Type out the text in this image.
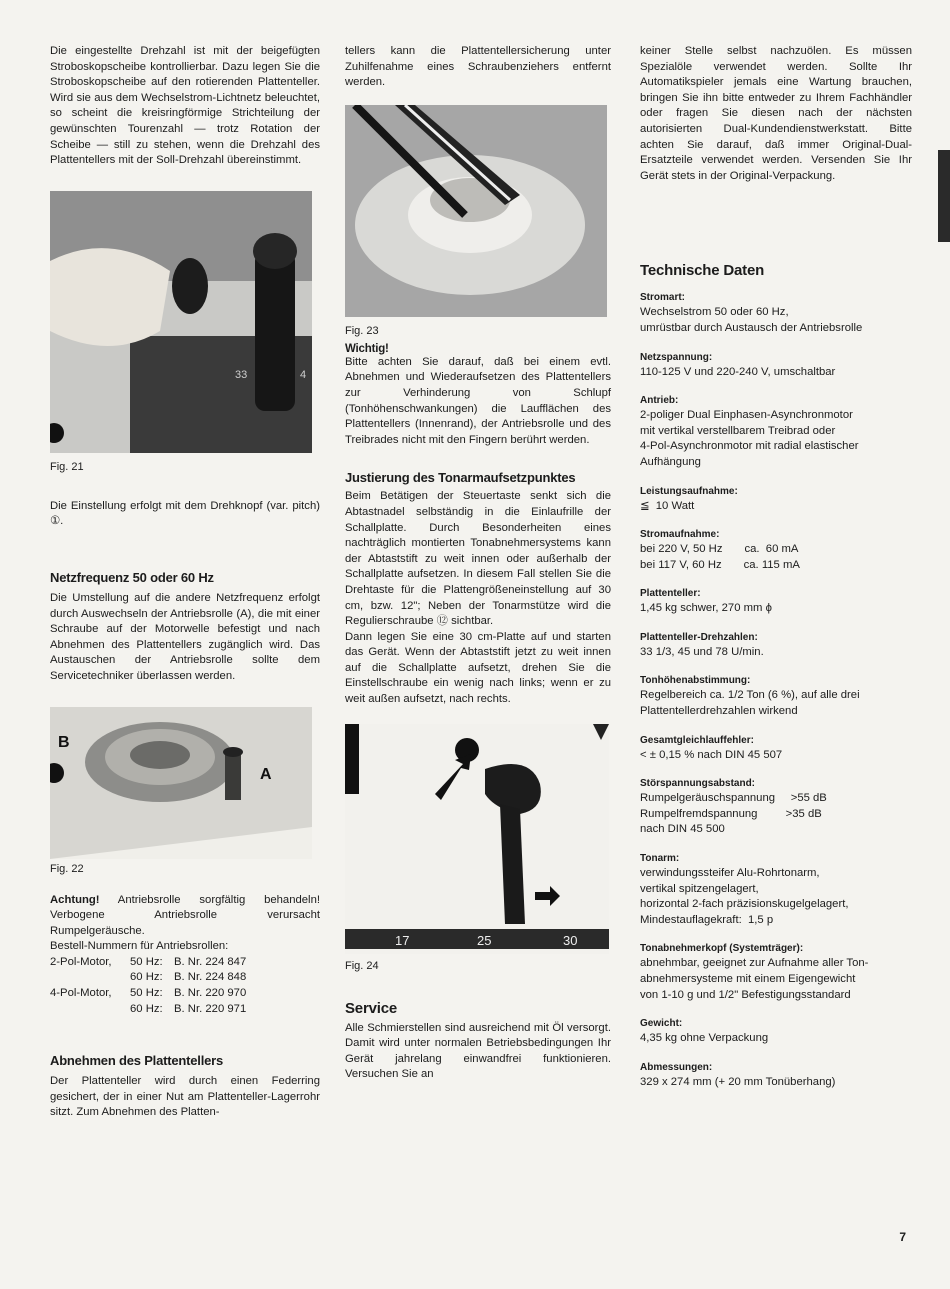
Die eingestellte Drehzahl ist mit der beigefügten Stroboskopscheibe kontrollierbar. Dazu legen Sie die Stroboskopscheibe auf den rotierenden Plattenteller. Wird sie aus dem Wechselstrom-Lichtnetz beleuchtet, so scheint die kreisringförmige Strichteilung der gewünschten Tourenzahl — trotz Rotation der Scheibe — still zu stehen, wenn die Drehzahl des Plattentellers mit der Soll-Drehzahl übereinstimmt.

33	4
Fig. 21

Die Einstellung erfolgt mit dem Drehknopf (var. pitch) ①.

Netzfrequenz 50 oder 60 Hz

Die Umstellung auf die andere Netzfrequenz erfolgt durch Auswechseln der Antriebsrolle (A), die mit einer Schraube auf der Motorwelle befestigt und nach Abnehmen des Plattentellers zugänglich wird. Das Austauschen der Antriebsrolle sollte dem Servicetechniker überlassen werden.

B
A
Fig. 22

Achtung! Antriebsrolle sorgfältig behandeln! Verbogene Antriebsrolle verursacht Rumpelgeräusche.

Bestell-Nummern für Antriebsrollen:

2-Pol-Motor,	50 Hz:	B. Nr. 224 847
60 Hz:	B. Nr. 224 848
4-Pol-Motor,	50 Hz:	B. Nr. 220 970
60 Hz:	B. Nr. 220 971
Abnehmen des Plattentellers

Der Plattenteller wird durch einen Federring gesichert, der in einer Nut am Plattenteller-Lagerrohr sitzt. Zum Abnehmen des Platten-

tellers kann die Plattentellersicherung unter Zuhilfenahme eines Schraubenziehers entfernt werden.

Fig. 23
Wichtig!

Bitte achten Sie darauf, daß bei einem evtl. Abnehmen und Wiederaufsetzen des Plattentellers zur Verhinderung von Schlupf (Tonhöhenschwankungen) die Laufflächen des Plattentellers (Innenrand), der Antriebsrolle und des Treibrades nicht mit den Fingern berührt werden.

Justierung des Tonarmaufsetzpunktes

Beim Betätigen der Steuertaste senkt sich die Abtastnadel selbständig in die Einlaufrille der Schallplatte. Durch Besonderheiten eines nachträglich montierten Tonabnehmersystems kann der Abtaststift zu weit innen oder außerhalb der Schallplatte aufsetzen. In diesem Fall stellen Sie die Drehtaste für die Plattengrößeneinstellung auf 30 cm, bzw. 12"; Neben der Tonarmstütze wird die Regulierschraube ⑫ sichtbar.

Dann legen Sie eine 30 cm-Platte auf und starten das Gerät. Wenn der Abtaststift jetzt zu weit innen auf die Schallplatte aufsetzt, drehen Sie die Einstellschraube ein wenig nach links; wenn er zu weit außen aufsetzt, nach rechts.

17	25	30
Fig. 24
Service

Alle Schmierstellen sind ausreichend mit Öl versorgt. Damit wird unter normalen Betriebsbedingungen Ihr Gerät jahrelang einwandfrei funktionieren. Versuchen Sie an

keiner Stelle selbst nachzuölen. Es müssen Spezialöle verwendet werden. Sollte Ihr Automatikspieler jemals eine Wartung brauchen, bringen Sie ihn bitte entweder zu Ihrem Fachhändler oder fragen Sie diesen nach der nächsten autorisierten Dual-Kundendienstwerkstatt. Bitte achten Sie darauf, daß immer Original-Dual-Ersatzteile verwendet werden. Versenden Sie Ihr Gerät stets in der Original-Verpackung.

Technische Daten
Stromart:
Wechselstrom 50 oder 60 Hz,
umrüstbar durch Austausch der Antriebsrolle
Netzspannung:
110-125 V und 220-240 V, umschaltbar
Antrieb:
2-poliger Dual Einphasen-Asynchronmotor
mit vertikal verstellbarem Treibrad oder
4-Pol-Asynchronmotor mit radial elastischer
Aufhängung
Leistungsaufnahme:
≦  10 Watt
Stromaufnahme:
bei 220 V, 50 Hz       ca.  60 mA
bei 117 V, 60 Hz       ca. 115 mA
Plattenteller:
1,45 kg schwer, 270 mm ϕ
Plattenteller-Drehzahlen:
33 1/3, 45 und 78 U/min.
Tonhöhenabstimmung:
Regelbereich ca. 1/2 Ton (6 %), auf alle drei
Plattentellerdrehzahlen wirkend
Gesamtgleichlauffehler:
< ± 0,15 % nach DIN 45 507
Störspannungsabstand:
Rumpelgeräuschspannung     >55 dB
Rumpelfremdspannung         >35 dB
nach DIN 45 500
Tonarm:
verwindungssteifer Alu-Rohrtonarm,
vertikal spitzengelagert,
horizontal 2-fach präzisionskugelgelagert,
Mindestauflagekraft:  1,5 p
Tonabnehmerkopf (Systemträger):
abnehmbar, geeignet zur Aufnahme aller Ton-
abnehmersysteme mit einem Eigengewicht
von 1-10 g und 1/2" Befestigungsstandard
Gewicht:
4,35 kg ohne Verpackung
Abmessungen:
329 x 274 mm (+ 20 mm Tonüberhang)
7
